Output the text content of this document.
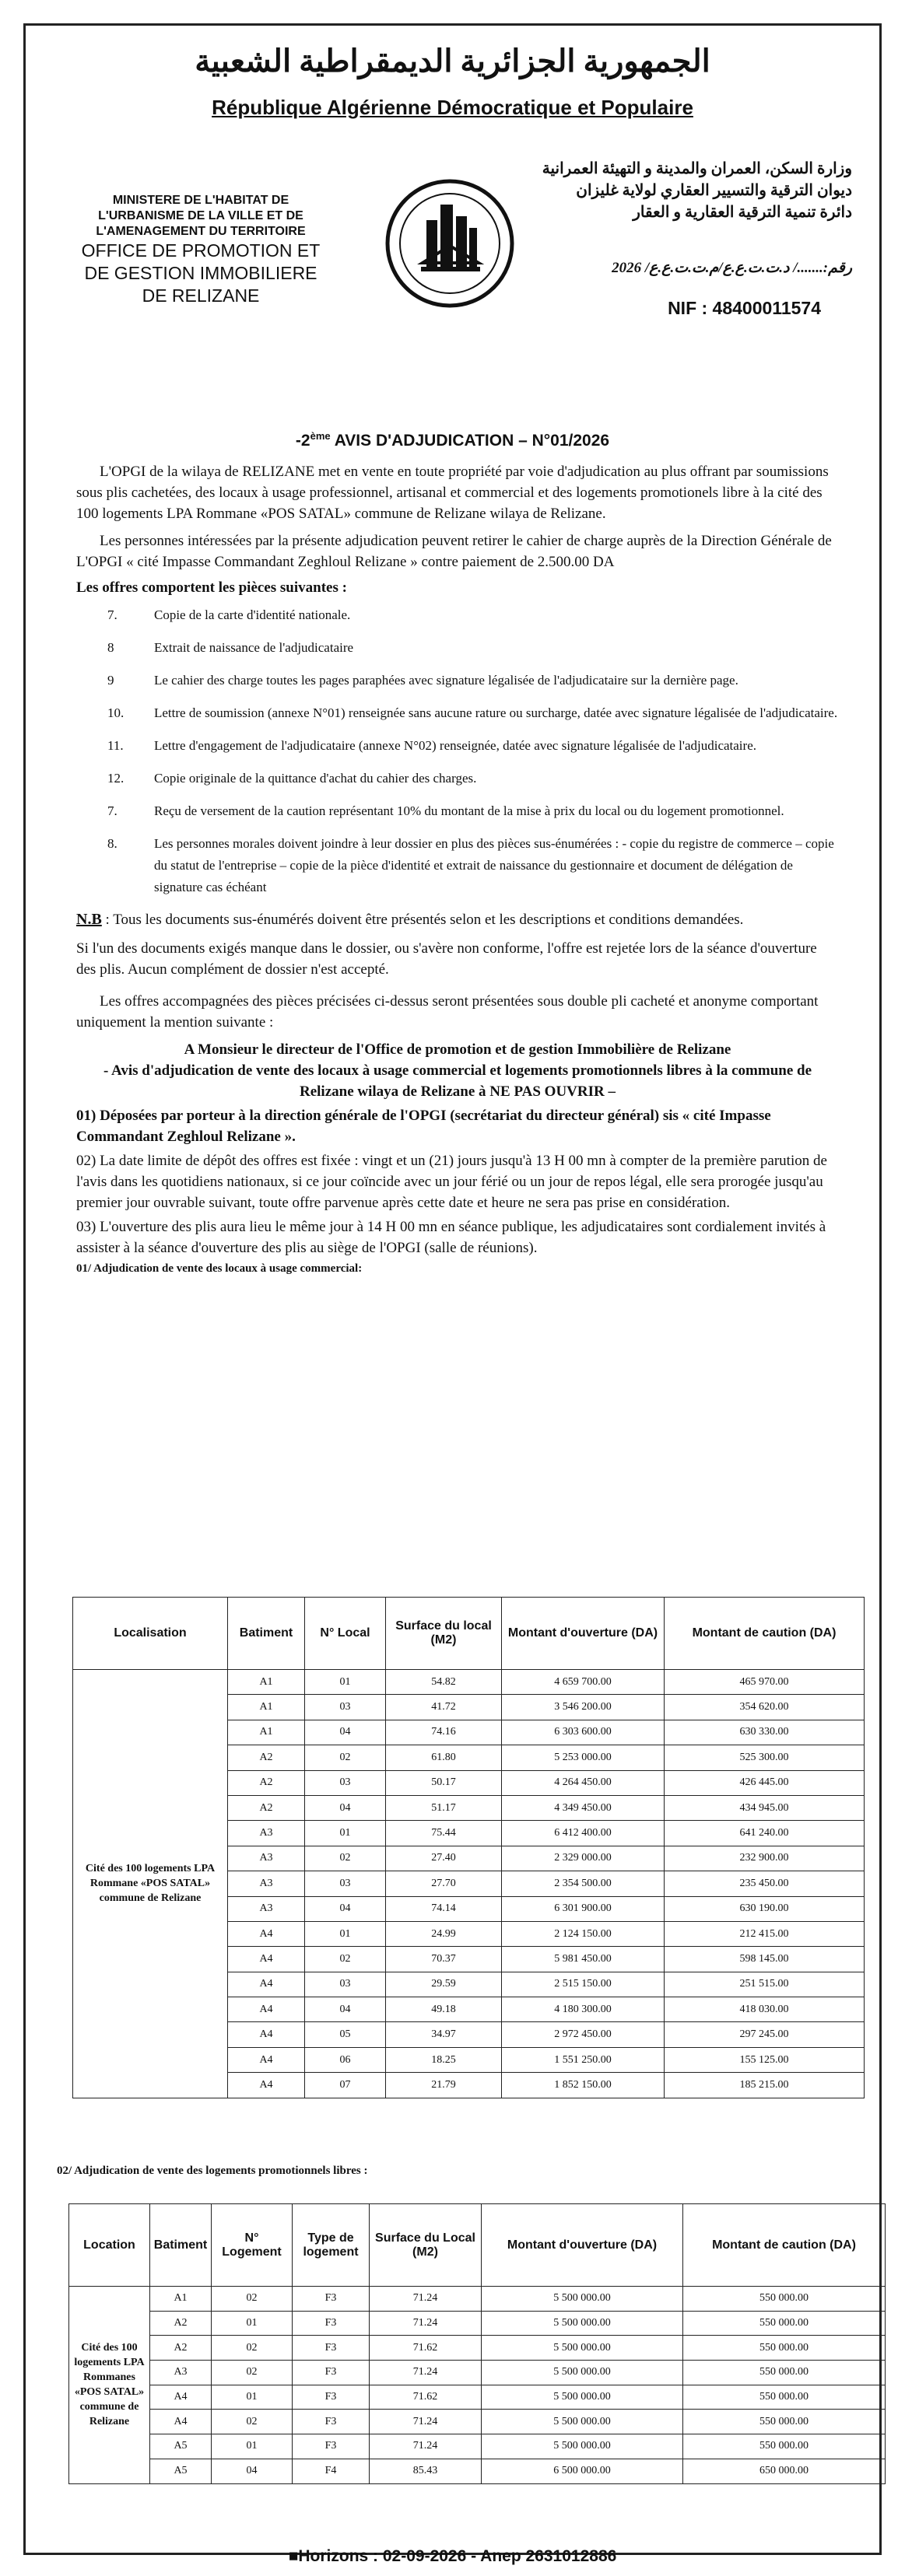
الجمهورية الجزائرية الديمقراطية الشعبية
République Algérienne Démocratique et Populaire
MINISTERE DE L'HABITAT DE
L'URBANISME DE LA VILLE ET DE
L'AMENAGEMENT DU TERRITOIRE
OFFICE DE PROMOTION ET
DE GESTION IMMOBILIERE
DE RELIZANE
وزارة السكن، العمران والمدينة و التهيئة العمرانية
ديوان الترقية والتسيير العقاري لولاية غليزان
دائرة تنمية الترقية العقارية و العقار
رقم:......./ د.ت.ت.ع.ع/م.ت.ت.ع.ع/ 2026
NIF : 48400011574
-2ème AVIS D'ADJUDICATION – N°01/2026

L'OPGI de la wilaya de RELIZANE met en vente en toute propriété par voie d'adjudication au plus offrant par soumissions sous plis cachetées, des locaux à usage professionnel, artisanal et commercial et des logements promotionels libre à la cité des 100 logements LPA Rommane «POS SATAL» commune de Relizane wilaya de Relizane.

Les personnes intéressées par la présente adjudication peuvent retirer le cahier de charge auprès de la Direction Générale de L'OPGI « cité Impasse Commandant Zeghloul Relizane » contre paiement de 2.500.00 DA

Les offres comportent les pièces suivantes :

7.	Copie de la carte d'identité nationale.
8	Extrait de naissance de l'adjudicataire
9	Le cahier des charge toutes les pages paraphées avec signature légalisée de l'adjudicataire sur la dernière page.
10.	Lettre de soumission (annexe N°01) renseignée sans aucune rature ou surcharge, datée avec signature légalisée de l'adjudicataire.
11.	Lettre d'engagement de l'adjudicataire (annexe N°02) renseignée, datée avec signature légalisée de l'adjudicataire.
12.	Copie originale de la quittance d'achat du cahier des charges.
7.	Reçu de versement de la caution représentant 10% du montant de la mise à prix du local ou du logement promotionnel.
8.	Les personnes morales doivent joindre à leur dossier en plus des pièces sus-énumérées : - copie du registre de commerce – copie du statut de l'entreprise – copie de la pièce d'identité et extrait de naissance du gestionnaire et document de délégation de signature cas échéant

N.B : Tous les documents sus-énumérés doivent être présentés selon et les descriptions et conditions demandées.

Si l'un des documents exigés manque dans le dossier, ou s'avère non conforme, l'offre est rejetée lors de la séance d'ouverture des plis. Aucun complément de dossier n'est accepté.

Les offres accompagnées des pièces précisées ci-dessus seront présentées sous double pli cacheté et anonyme comportant uniquement la mention suivante :

A Monsieur le directeur de l'Office de promotion et de gestion Immobilière de Relizane

- Avis d'adjudication de vente des locaux à usage commercial et logements promotionnels libres à la commune de Relizane wilaya de Relizane à NE PAS OUVRIR –

01) Déposées par porteur à la direction générale de l'OPGI (secrétariat du directeur général) sis « cité Impasse Commandant Zeghloul Relizane ».

02) La date limite de dépôt des offres est fixée : vingt et un (21) jours jusqu'à 13 H 00 mn à compter de la première parution de l'avis dans les quotidiens nationaux, si ce jour coïncide avec un jour férié ou un jour de repos légal, elle sera prorogée jusqu'au premier jour ouvrable suivant, toute offre parvenue après cette date et heure ne sera pas prise en considération.

03) L'ouverture des plis aura lieu le même jour à 14 H 00 mn en séance publique, les adjudicataires sont cordialement invités à assister à la séance d'ouverture des plis au siège de l'OPGI (salle de réunions).

01/ Adjudication de vente des locaux à usage commercial:

Localisation	Batiment	N° Local	Surface du local (M2)	Montant d'ouverture (DA)	Montant de caution (DA)
Cité des 100 logements LPA Rommane «POS SATAL» commune de Relizane	A1	01	54.82	4 659 700.00	465 970.00
	A1	03	41.72	3 546 200.00	354 620.00
	A1	04	74.16	6 303 600.00	630 330.00
	A2	02	61.80	5 253 000.00	525 300.00
	A2	03	50.17	4 264 450.00	426 445.00
	A2	04	51.17	4 349 450.00	434 945.00
	A3	01	75.44	6 412 400.00	641 240.00
	A3	02	27.40	2 329 000.00	232 900.00
	A3	03	27.70	2 354 500.00	235 450.00
	A3	04	74.14	6 301 900.00	630 190.00
	A4	01	24.99	2 124 150.00	212 415.00
	A4	02	70.37	5 981 450.00	598 145.00
	A4	03	29.59	2 515 150.00	251 515.00
	A4	04	49.18	4 180 300.00	418 030.00
	A4	05	34.97	2 972 450.00	297 245.00
	A4	06	18.25	1 551 250.00	155 125.00
	A4	07	21.79	1 852 150.00	185 215.00
02/ Adjudication de vente des logements promotionnels libres :
Location	Batiment	N° Logement	Type de logement	Surface du Local (M2)	Montant d'ouverture (DA)	Montant de caution (DA)
Cité des 100 logements LPA Rommanes «POS SATAL» commune de Relizane	A1	02	F3	71.24	5 500 000.00	550 000.00
	A2	01	F3	71.24	5 500 000.00	550 000.00
	A2	02	F3	71.62	5 500 000.00	550 000.00
	A3	02	F3	71.24	5 500 000.00	550 000.00
	A4	01	F3	71.62	5 500 000.00	550 000.00
	A4	02	F3	71.24	5 500 000.00	550 000.00
	A5	01	F3	71.24	5 500 000.00	550 000.00
	A5	04	F4	85.43	6 500 000.00	650 000.00
■Horizons : 02-09-2026 - Anep 2631012886
